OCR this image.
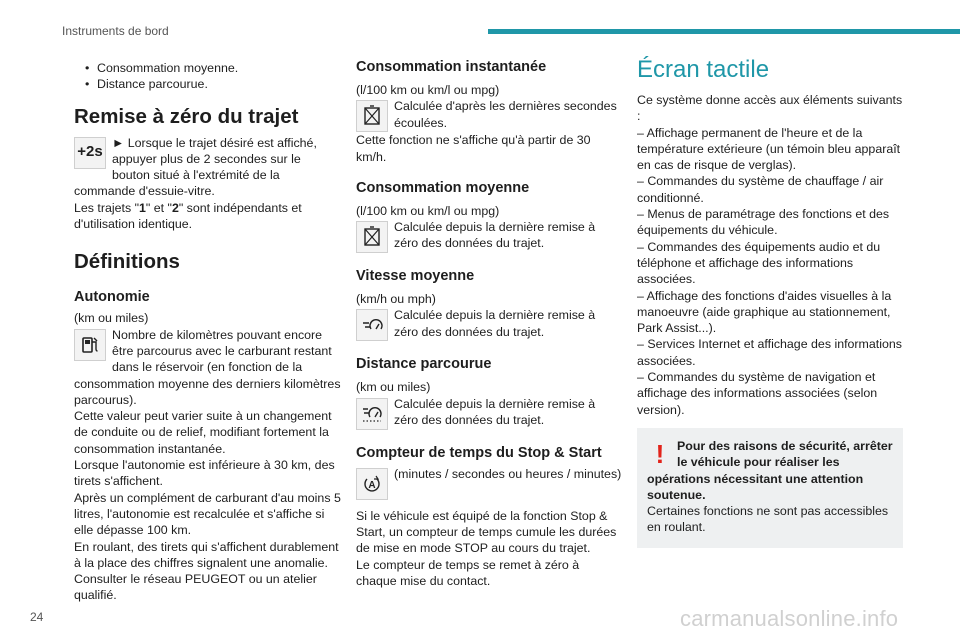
Instruments de bord
• Consommation moyenne.
• Distance parcourue.
Remise à zéro du trajet
+2s

► Lorsque le trajet désiré est affiché, appuyer plus de 2 secondes sur le bouton situé à l'extrémité de la commande d'essuie-vitre.

Les trajets "1" et "2" sont indépendants et d'utilisation identique.

Définitions
Autonomie

(km ou miles)

Nombre de kilomètres pouvant encore être parcourus avec le carburant restant dans le réservoir (en fonction de la consommation moyenne des derniers kilomètres parcourus).

Cette valeur peut varier suite à un changement de conduite ou de relief, modifiant fortement la consommation instantanée.

Lorsque l'autonomie est inférieure à 30 km, des tirets s'affichent.

Après un complément de carburant d'au moins 5 litres, l'autonomie est recalculée et s'affiche si elle dépasse 100 km.

En roulant, des tirets qui s'affichent durablement à la place des chiffres signalent une anomalie. Consulter le réseau PEUGEOT ou un atelier qualifié.

Consommation instantanée

(l/100 km ou km/l ou mpg)

Calculée d'après les dernières secondes écoulées.

Cette fonction ne s'affiche qu'à partir de 30 km/h.

Consommation moyenne

(l/100 km ou km/l ou mpg)

Calculée depuis la dernière remise à zéro des données du trajet.

Vitesse moyenne

(km/h ou mph)

Calculée depuis la dernière remise à zéro des données du trajet.

Distance parcourue

(km ou miles)

Calculée depuis la dernière remise à zéro des données du trajet.

Compteur de temps du Stop & Start
A

(minutes / secondes ou heures / minutes)

Si le véhicule est équipé de la fonction Stop & Start, un compteur de temps cumule les durées de mise en mode STOP au cours du trajet.

Le compteur de temps se remet à zéro à chaque mise du contact.

Écran tactile

Ce système donne accès aux éléments suivants :

– Affichage permanent de l'heure et de la température extérieure (un témoin bleu apparaît en cas de risque de verglas).

– Commandes du système de chauffage / air conditionné.

– Menus de paramétrage des fonctions et des équipements du véhicule.

– Commandes des équipements audio et du téléphone et affichage des informations associées.

– Affichage des fonctions d'aides visuelles à la manoeuvre (aide graphique au stationnement, Park Assist...).

– Services Internet et affichage des informations associées.

– Commandes du système de navigation et affichage des informations associées (selon version).

!	Pour des raisons de sécurité, arrêter le véhicule pour réaliser les opérations nécessitant une attention soutenue.

Certaines fonctions ne sont pas accessibles en roulant.

24	carmanualsonline.info
